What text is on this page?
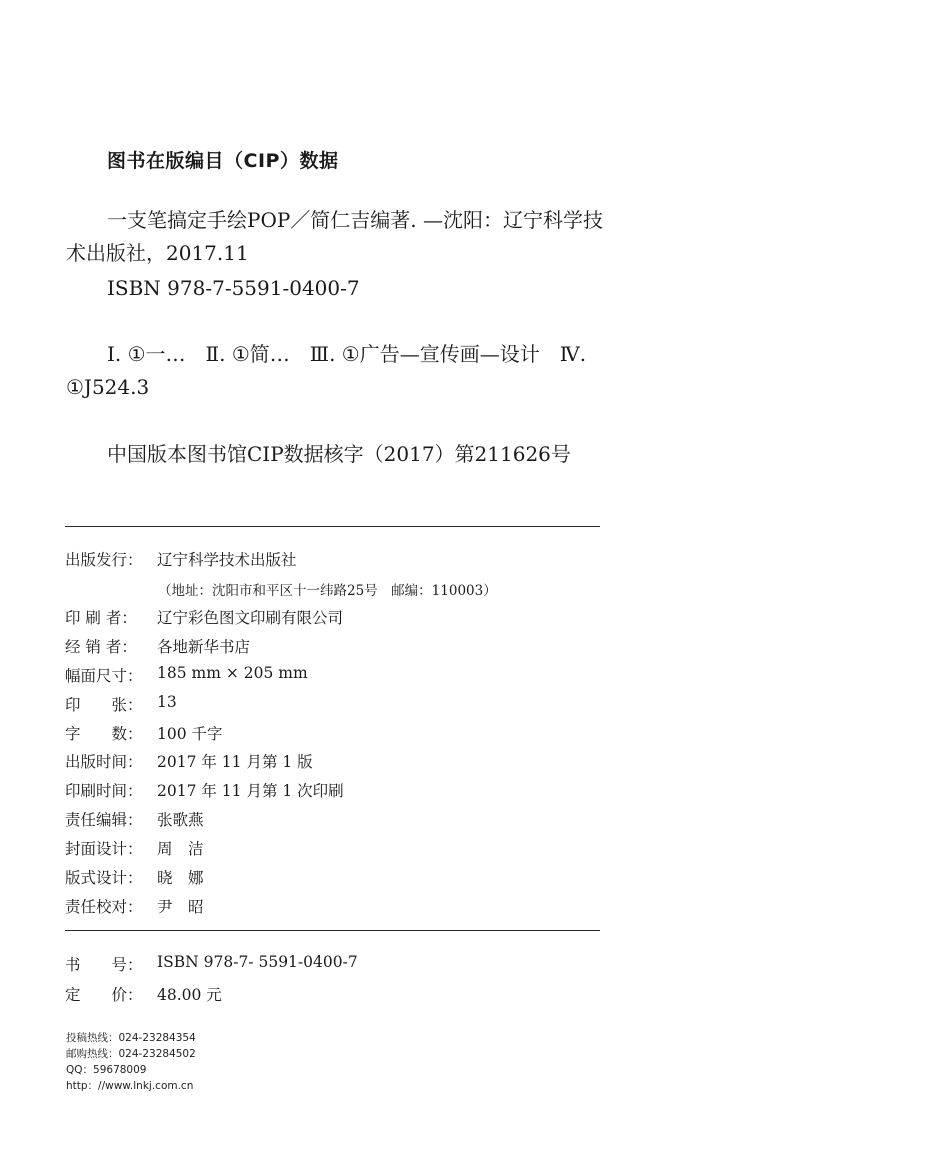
图书在版编目（CIP）数据
一支笔搞定手绘POP／简仁吉编著. —沈阳：辽宁科学技术出版社，2017.11
ISBN 978-7-5591-0400-7
Ⅰ. ①一…　Ⅱ. ①简…　Ⅲ. ①广告—宣传画—设计　Ⅳ. ①J524.3
中国版本图书馆CIP数据核字（2017）第211626号
出版发行： 辽宁科学技术出版社
（地址：沈阳市和平区十一纬路25号　邮编：110003）
印 刷 者：	辽宁彩色图文印刷有限公司
经 销 者：	各地新华书店
幅面尺寸： 185 mm × 205 mm
印　　张： 13
字　　数： 100 千字
出版时间： 2017 年 11 月第 1 版
印刷时间： 2017 年 11 月第 1 次印刷
责任编辑： 张歌燕
封面设计： 周　洁
版式设计： 晓　娜
责任校对： 尹　昭
书　　号： ISBN 978-7- 5591-0400-7
定　　价： 48.00 元
投稿热线：024-23284354
邮购热线：024-23284502
QQ：59678009
http：//www.lnkj.com.cn
